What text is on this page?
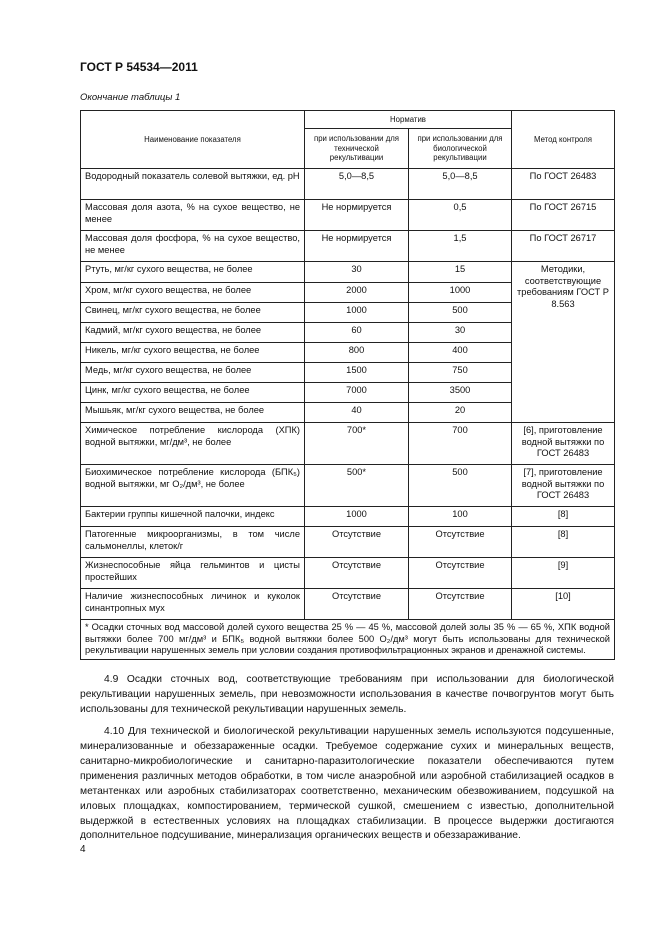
ГОСТ Р 54534—2011
Окончание таблицы 1
Наименование показателя	Норматив		Метод контроля
	при использовании для технической рекультивации	при использовании для биологической рекультивации	
Водородный показатель солевой вытяжки, ед. pH	5,0—8,5	5,0—8,5	По ГОСТ 26483
Массовая доля азота, % на сухое вещество, не менее	Не нормируется	0,5	По ГОСТ 26715
Массовая доля фосфора, % на сухое вещество, не менее	Не нормируется	1,5	По ГОСТ 26717
Ртуть, мг/кг сухого вещества, не более	30	15	Методики, соответствующие требованиям ГОСТ Р 8.563
Хром, мг/кг сухого вещества, не более	2000	1000	
Свинец, мг/кг сухого вещества, не более	1000	500	
Кадмий, мг/кг сухого вещества, не более	60	30	
Никель, мг/кг сухого вещества, не более	800	400	
Медь, мг/кг сухого вещества, не более	1500	750	
Цинк, мг/кг сухого вещества, не более	7000	3500	
Мышьяк, мг/кг сухого вещества, не более	40	20	
Химическое потребление кислорода (ХПК) водной вытяжки, мг/дм³, не более	700*	700	[6], приготовление водной вытяжки по ГОСТ 26483
Биохимическое потребление кислорода (БПК₅) водной вытяжки, мг O₂/дм³, не более	500*	500	[7], приготовление водной вытяжки по ГОСТ 26483
Бактерии группы кишечной палочки, индекс	1000	100	[8]
Патогенные микроорганизмы, в том числе сальмонеллы, клеток/г	Отсутствие	Отсутствие	[8]
Жизнеспособные яйца гельминтов и цисты простейших	Отсутствие	Отсутствие	[9]
Наличие жизнеспособных личинок и куколок синантропных мух	Отсутствие	Отсутствие	[10]
* Осадки сточных вод массовой долей сухого вещества 25 % — 45 %, массовой долей золы 35 % — 65 %, ХПК водной вытяжки более 700 мг/дм³ и БПК₅ водной вытяжки более 500 O₂/дм³ могут быть использованы для технической рекультивации нарушенных земель при условии создания противофильтрационных экранов и дренажной системы.			

4.9 Осадки сточных вод, соответствующие требованиям при использовании для биологической рекультивации нарушенных земель, при невозможности использования в качестве почвогрунтов могут быть использованы для технической рекультивации нарушенных земель.

4.10 Для технической и биологической рекультивации нарушенных земель используются подсушенные, минерализованные и обеззараженные осадки. Требуемое содержание сухих и минеральных веществ, санитарно-микробиологические и санитарно-паразитологические показатели обеспечиваются путем применения различных методов обработки, в том числе анаэробной или аэробной стабилизацией осадков в метантенках или аэробных стабилизаторах соответственно, механическим обезвоживанием, подсушкой на иловых площадках, компостированием, термической сушкой, смешением с известью, дополнительной выдержкой в естественных условиях на площадках стабилизации. В процессе выдержки достигаются дополнительное подсушивание, минерализация органических веществ и обеззараживание.

4
